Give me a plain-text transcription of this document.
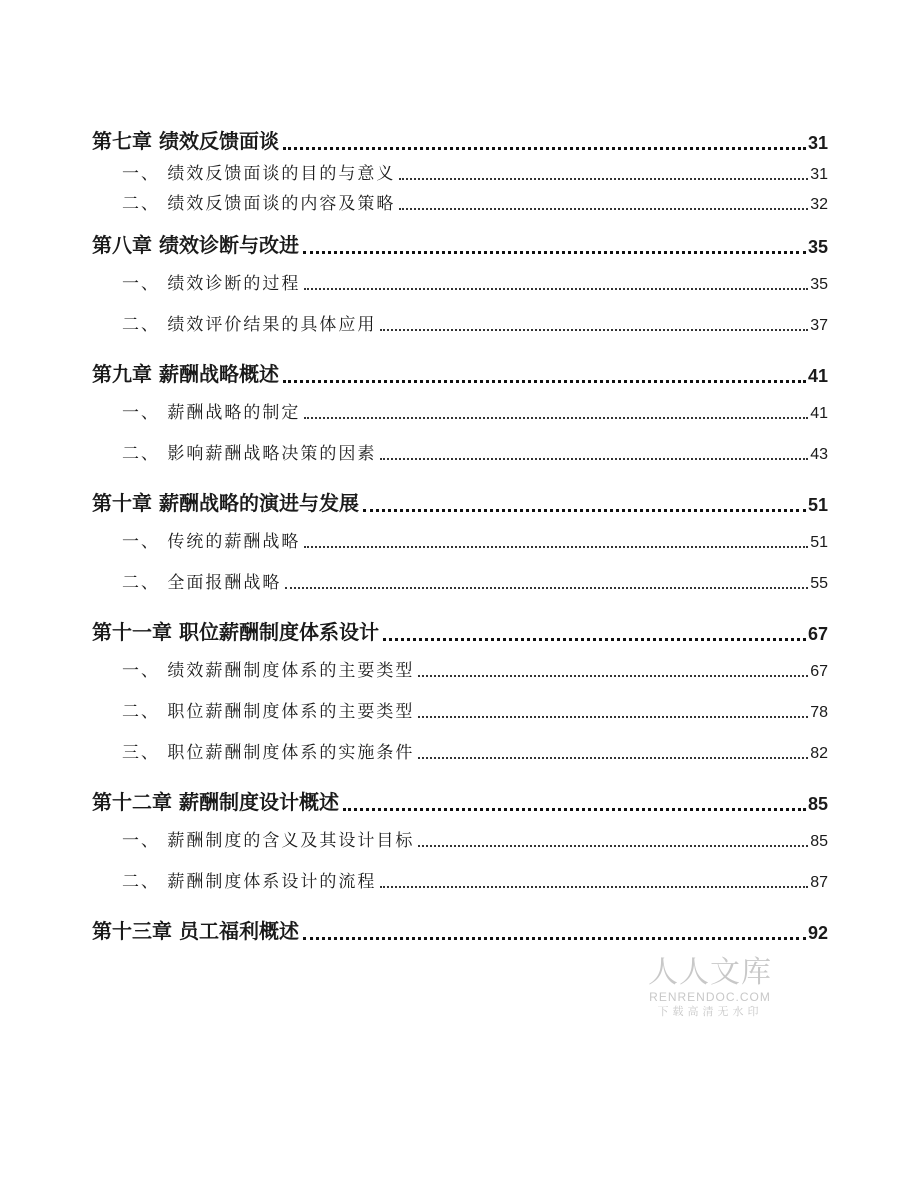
第七章 绩效反馈面谈	31
一、 绩效反馈面谈的目的与意义	31
二、 绩效反馈面谈的内容及策略	32
第八章 绩效诊断与改进	35
一、 绩效诊断的过程	35
二、 绩效评价结果的具体应用	37
第九章 薪酬战略概述	41
一、 薪酬战略的制定	41
二、 影响薪酬战略决策的因素	43
第十章 薪酬战略的演进与发展	51
一、 传统的薪酬战略	51
二、 全面报酬战略	55
第十一章 职位薪酬制度体系设计	67
一、 绩效薪酬制度体系的主要类型	67
二、 职位薪酬制度体系的主要类型	78
三、 职位薪酬制度体系的实施条件	82
第十二章 薪酬制度设计概述	85
一、 薪酬制度的含义及其设计目标	85
二、 薪酬制度体系设计的流程	87
第十三章 员工福利概述	92
人人文库
RENRENDOC.COM
下载高清无水印
